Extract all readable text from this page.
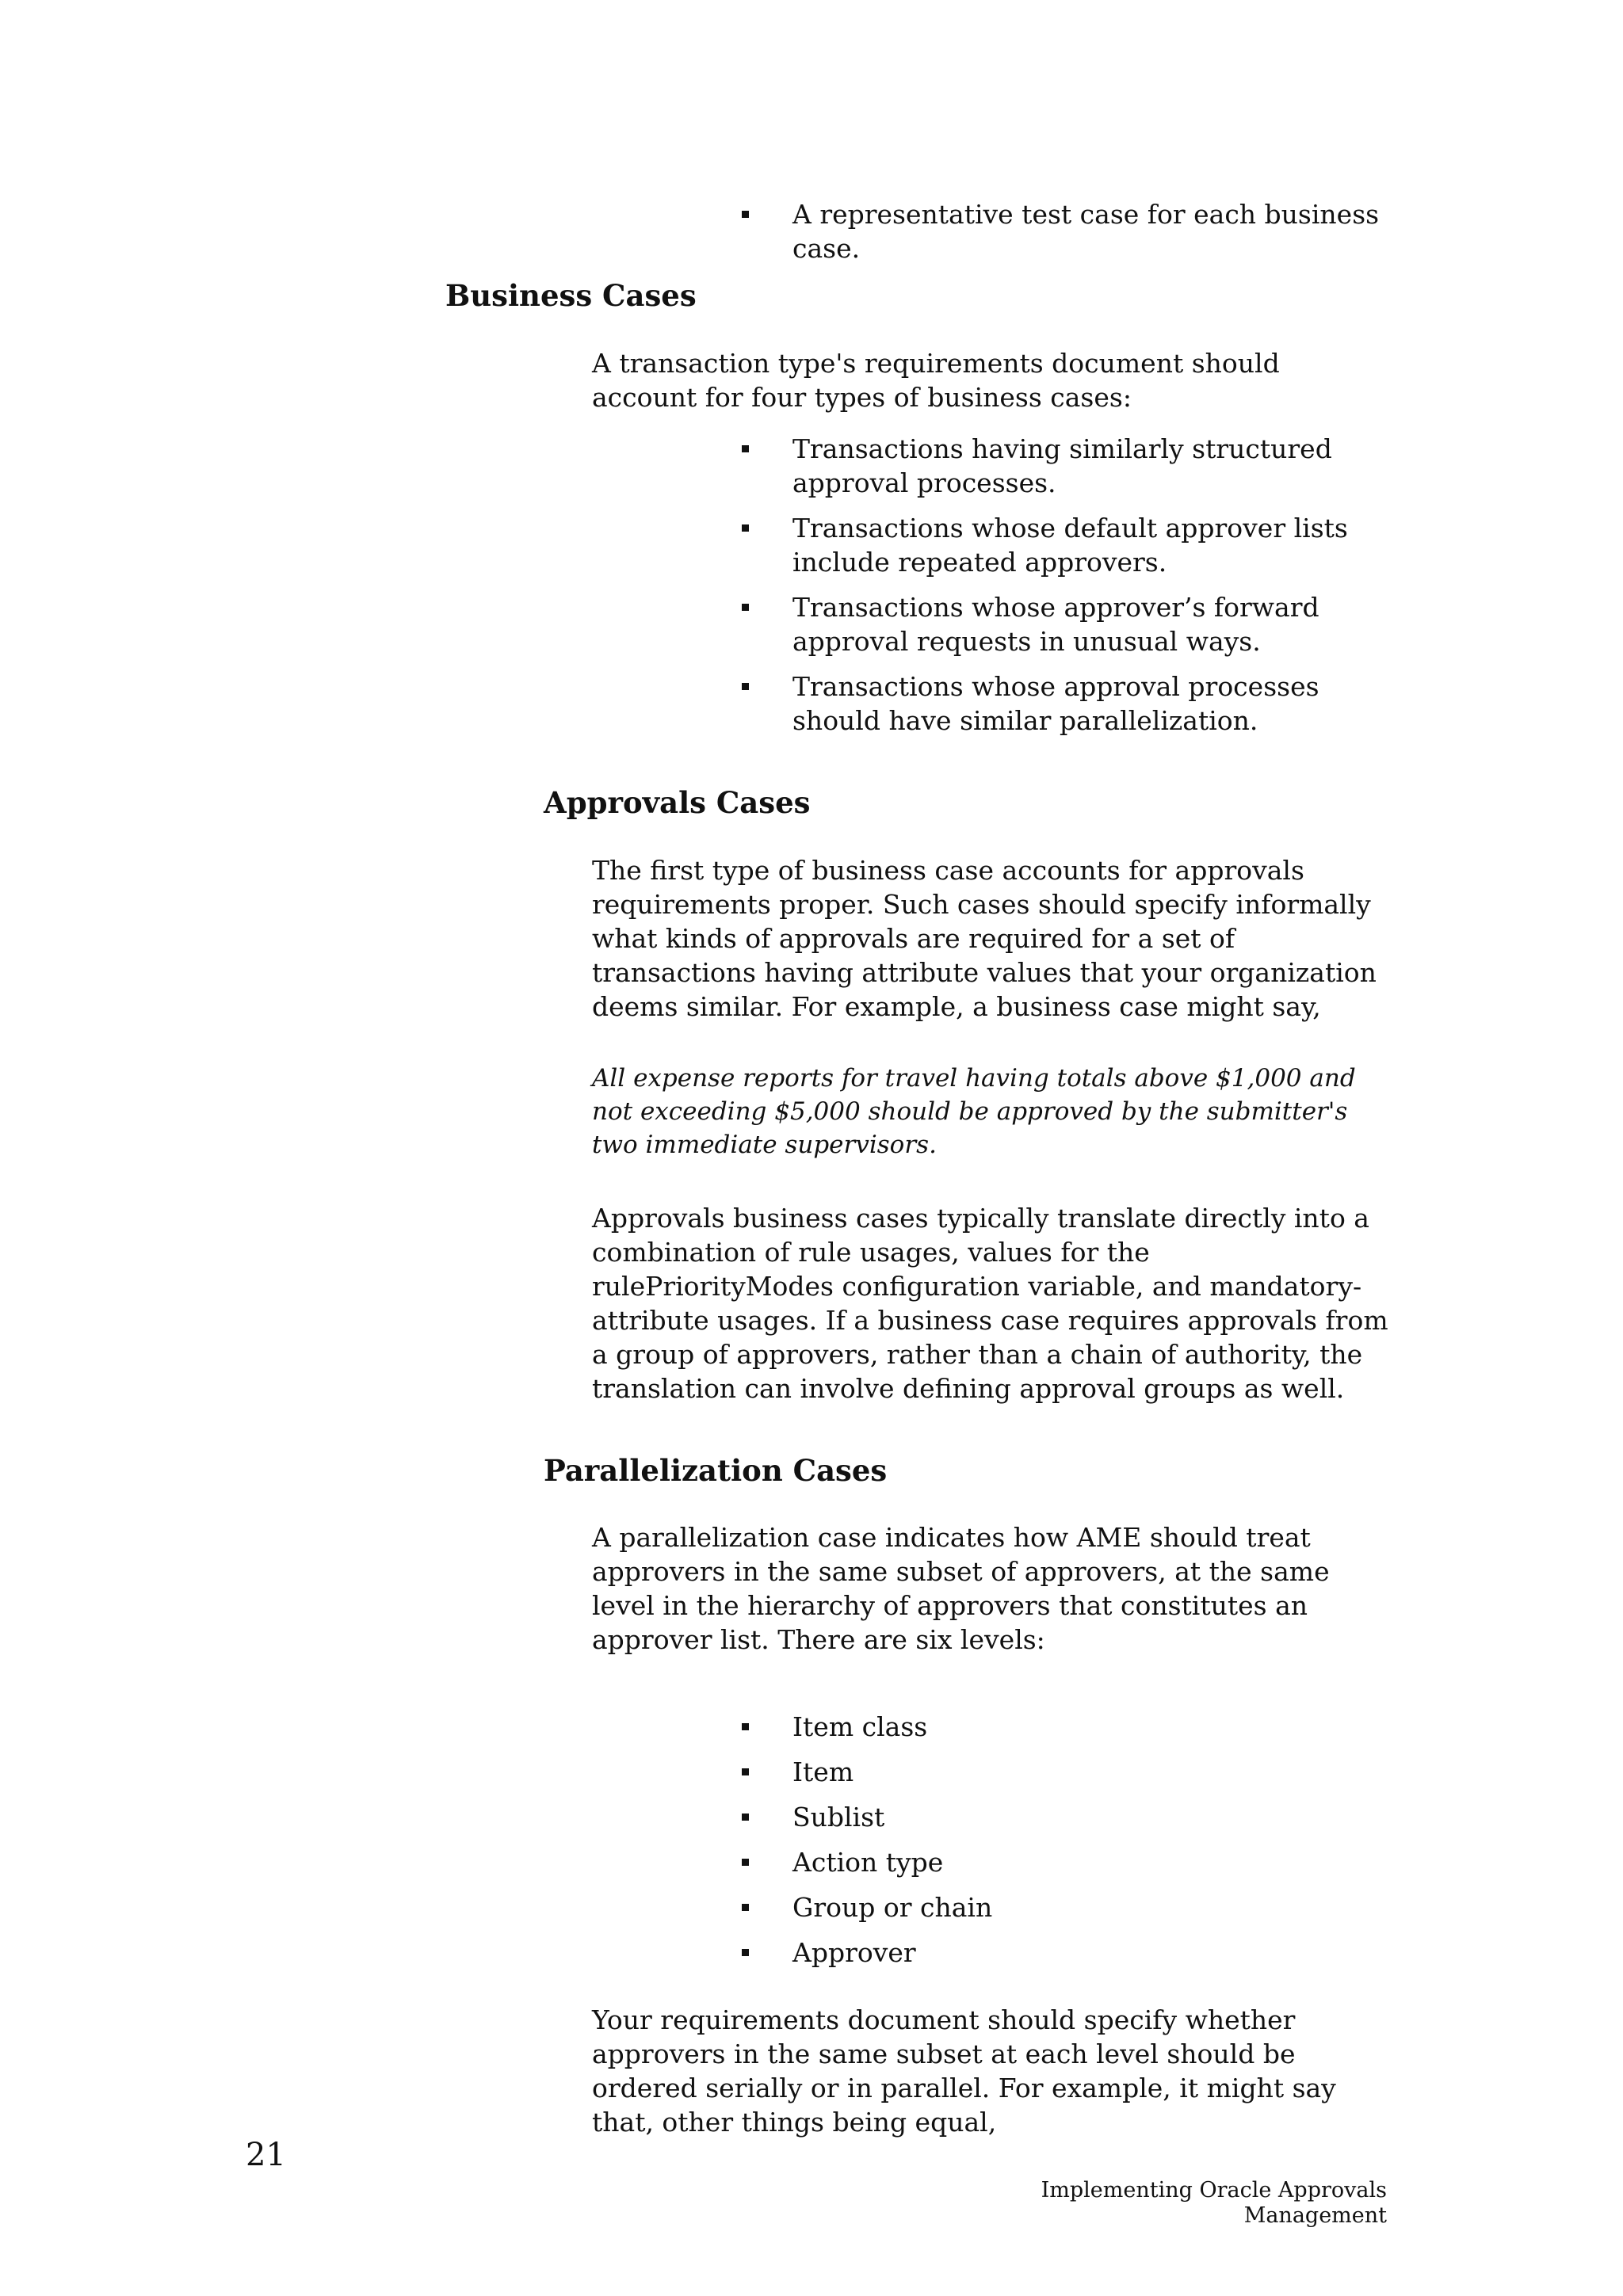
A representative test case for each business case.
Business Cases

A transaction type's requirements document should account for four types of business cases:

Transactions having similarly structured approval processes.
Transactions whose default approver lists include repeated approvers.
Transactions whose approver’s forward approval requests in unusual ways.
Transactions whose approval processes should have similar parallelization.
Approvals Cases

The first type of business case accounts for approvals requirements proper. Such cases should specify informally what kinds of approvals are required for a set of transactions having attribute values that your organization deems similar. For example, a business case might say,

All expense reports for travel having totals above $1,000 and not exceeding $5,000 should be approved by the submitter's two immediate supervisors.

Approvals business cases typically translate directly into a combination of rule usages, values for the rulePriorityModes configuration variable, and mandatory-attribute usages. If a business case requires approvals from a group of approvers, rather than a chain of authority, the translation can involve defining approval groups as well.

Parallelization Cases

A parallelization case indicates how AME should treat approvers in the same subset of approvers, at the same level in the hierarchy of approvers that constitutes an approver list. There are six levels:

Item class
Item
Sublist
Action type
Group or chain
Approver

Your requirements document should specify whether approvers in the same subset at each level should be ordered serially or in parallel. For example, it might say that, other things being equal,

21
Implementing Oracle Approvals Management
